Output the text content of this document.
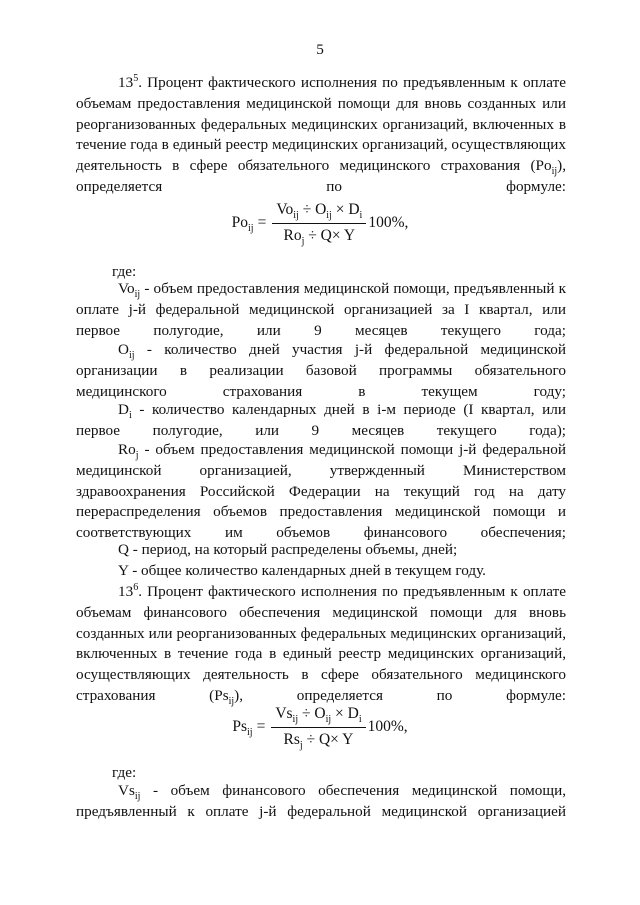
5
$13^5$. Процент фактического исполнения по предъявленным к оплате объемам предоставления медицинской помощи для вновь созданных или реорганизованных федеральных медицинских организаций, включенных в течение года в единый реестр медицинских организаций, осуществляющих деятельность в сфере обязательного медицинского страхования $(Po_{ij})$, определяется по формуле:
$Po_{ij} = \frac{Vo_{ij} \div O_{ij} \times D_i}{Ro_j \div Q\times Y} 100\%$ ,
где:
$Vo_{ij}$ - объем предоставления медицинской помощи, предъявленный к оплате j-й федеральной медицинской организацией за I квартал, или первое полугодие, или 9 месяцев текущего года;
$O_{ij}$ - количество дней участия j-й федеральной медицинской организации в реализации базовой программы обязательного медицинского страхования в текущем году;
$D_i$ - количество календарных дней в i-м периоде (I квартал, или первое полугодие, или 9 месяцев текущего года);
$Ro_j$ - объем предоставления медицинской помощи j-й федеральной медицинской организацией, утвержденный Министерством здравоохранения Российской Федерации на текущий год на дату перераспределения объемов предоставления медицинской помощи и соответствующих им объемов финансового обеспечения;
Q - период, на который распределены объемы, дней;
Y - общее количество календарных дней в текущем году.
$13^6$. Процент фактического исполнения по предъявленным к оплате объемам финансового обеспечения медицинской помощи для вновь созданных или реорганизованных федеральных медицинских организаций, включенных в течение года в единый реестр медицинских организаций, осуществляющих деятельность в сфере обязательного медицинского страхования $(Ps_{ij})$, определяется по формуле:
$Ps_{ij} = \frac{Vs_{ij} \div O_{ij} \times D_i}{Rs_j \div Q\times Y} 100\%$ ,
где:
$Vs_{ij}$ - объем финансового обеспечения медицинской помощи, предъявленный к оплате j-й федеральной медицинской организацией
